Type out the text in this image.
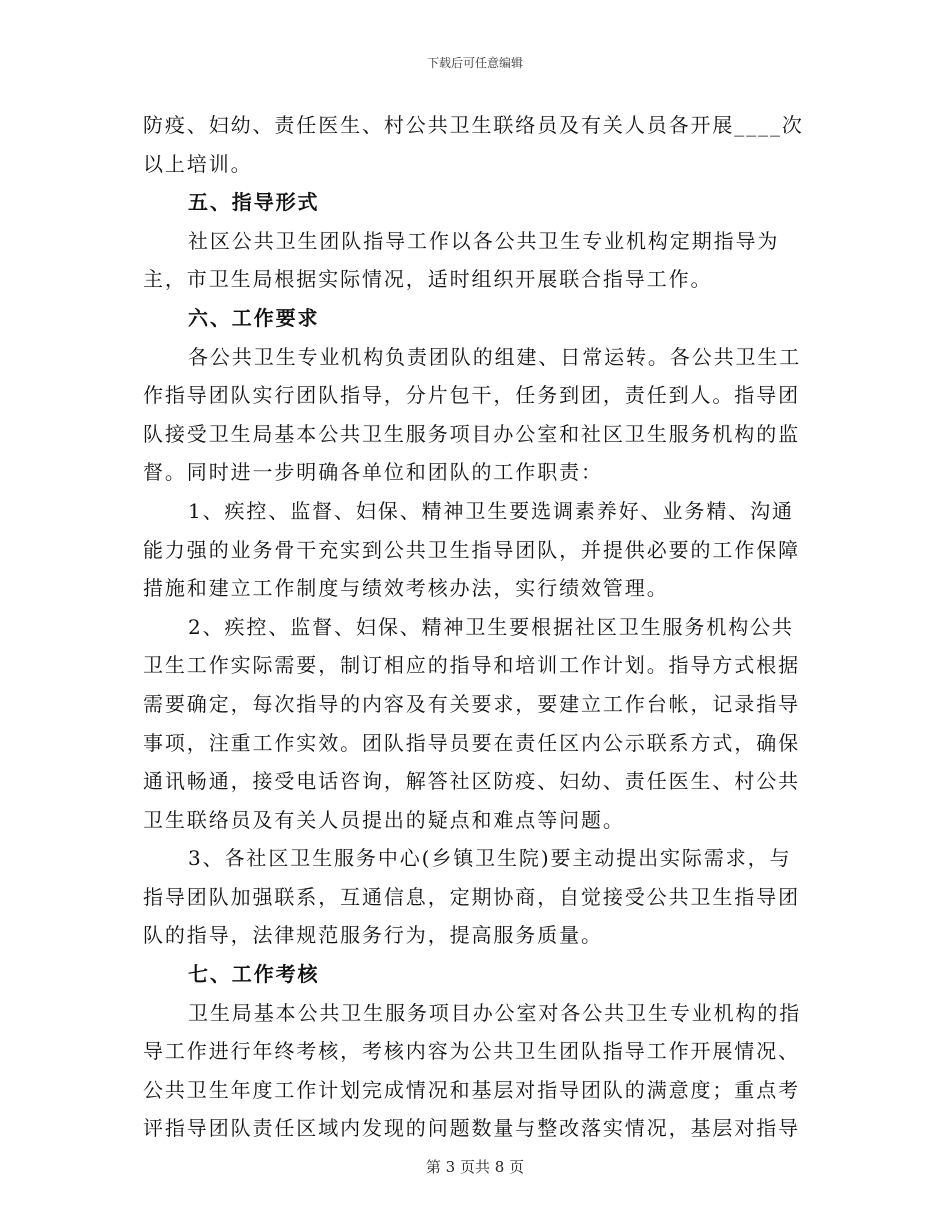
下载后可任意编辑

防疫、妇幼、责任医生、村公共卫生联络员及有关人员各开展____次以上培训。

五、指导形式

社区公共卫生团队指导工作以各公共卫生专业机构定期指导为主，市卫生局根据实际情况，适时组织开展联合指导工作。

六、工作要求

各公共卫生专业机构负责团队的组建、日常运转。各公共卫生工作指导团队实行团队指导，分片包干，任务到团，责任到人。指导团队接受卫生局基本公共卫生服务项目办公室和社区卫生服务机构的监督。同时进一步明确各单位和团队的工作职责：

1、疾控、监督、妇保、精神卫生要选调素养好、业务精、沟通能力强的业务骨干充实到公共卫生指导团队，并提供必要的工作保障措施和建立工作制度与绩效考核办法，实行绩效管理。

2、疾控、监督、妇保、精神卫生要根据社区卫生服务机构公共卫生工作实际需要，制订相应的指导和培训工作计划。指导方式根据需要确定，每次指导的内容及有关要求，要建立工作台帐，记录指导事项，注重工作实效。团队指导员要在责任区内公示联系方式，确保通讯畅通，接受电话咨询，解答社区防疫、妇幼、责任医生、村公共卫生联络员及有关人员提出的疑点和难点等问题。

3、各社区卫生服务中心(乡镇卫生院)要主动提出实际需求，与指导团队加强联系，互通信息，定期协商，自觉接受公共卫生指导团队的指导，法律规范服务行为，提高服务质量。

七、工作考核

卫生局基本公共卫生服务项目办公室对各公共卫生专业机构的指导工作进行年终考核，考核内容为公共卫生团队指导工作开展情况、公共卫生年度工作计划完成情况和基层对指导团队的满意度；重点考评指导团队责任区域内发现的问题数量与整改落实情况，基层对指导

第 3 页共 8 页
